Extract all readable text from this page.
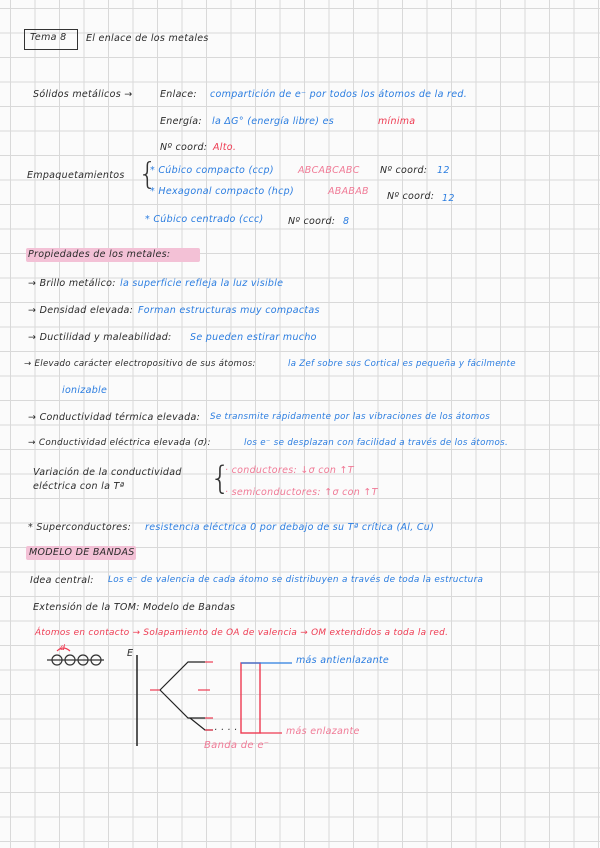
Tema 8 El enlace de los metales
Sólidos metálicos →	Enlace: compartición de e⁻ por todos los átomos de la red.
Energía: la ΔG° (energía libre) es	mínima
Nº coord: Alto.
Empaquetamientos {
* Cúbico compacto (ccp)	ABCABCABC Nº coord: 12
* Hexagonal compacto (hcp)	ABABAB Nº coord: 12
* Cúbico centrado (ccc)	Nº coord: 8
Propiedades de los metales:
→ Brillo metálico: la superficie refleja la luz visible
→ Densidad elevada: Forman estructuras muy compactas
→ Ductilidad y maleabilidad: Se pueden estirar mucho
→ Elevado carácter electropositivo de sus átomos:	la Zef sobre sus Cortical es pequeña y fácilmente
ionizable
→ Conductividad térmica elevada: Se transmite rápidamente por las vibraciones de los átomos
→ Conductividad eléctrica elevada (σ):	los e⁻ se desplazan con facilidad a través de los átomos.
Variación de la conductividad
eléctrica con la Tª	{
· conductores: ↓σ con ↑T
· semiconductores: ↑σ con ↑T
* Superconductores: resistencia eléctrica 0 por debajo de su Tª crítica (Al, Cu)
MODELO DE BANDAS
Idea central: Los e⁻ de valencia de cada átomo se distribuyen a través de toda la estructura
Extensión de la TOM: Modelo de Bandas
Átomos en contacto → Solapamiento de OA de valencia → OM extendidos a toda la red.
d
E
· · · ·
más antienlazante
más enlazante
Banda de e⁻
